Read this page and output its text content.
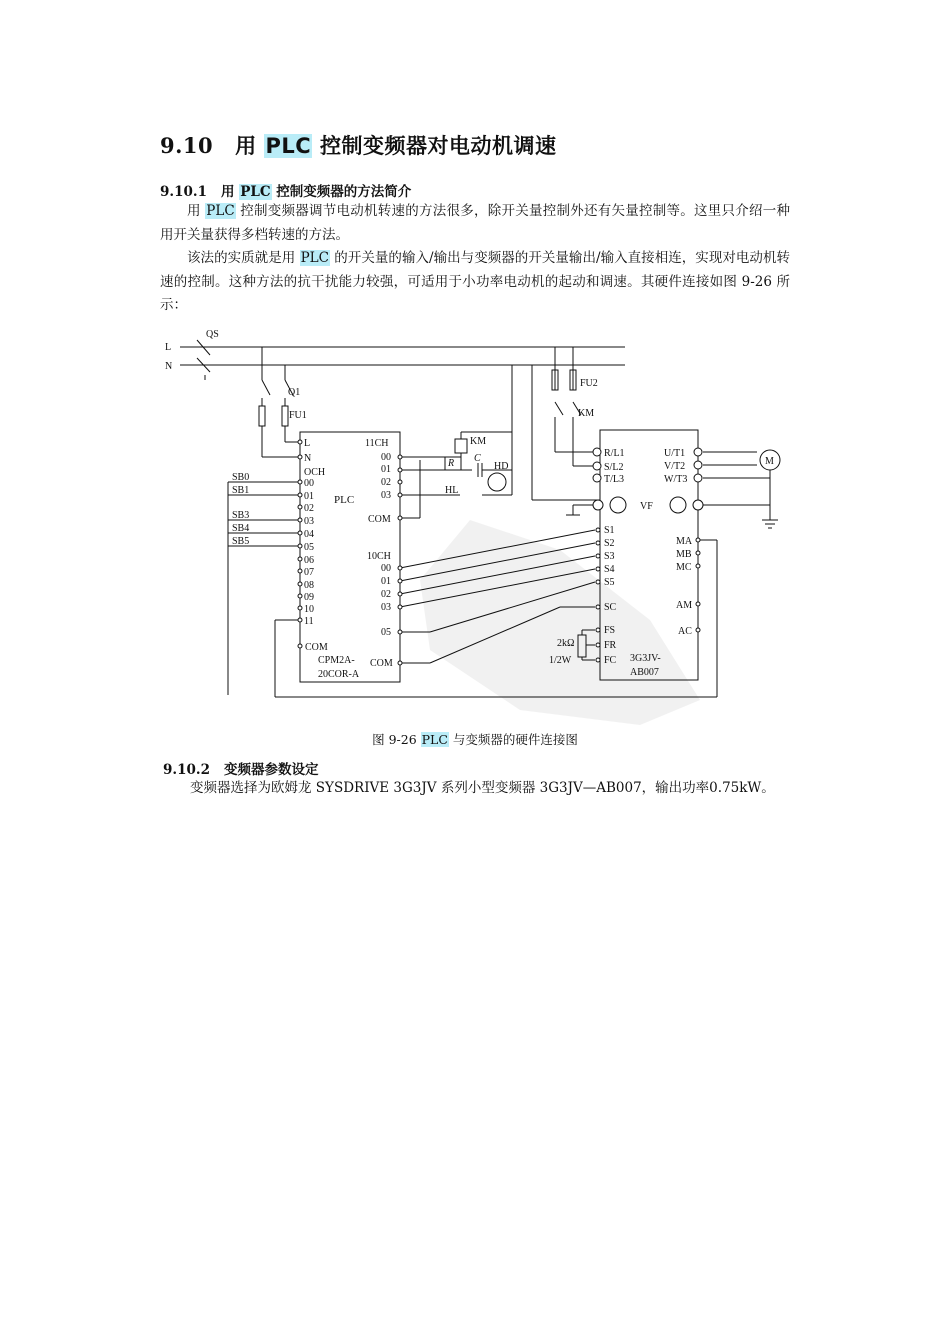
9.10 用 PLC 控制变频器对电动机调速
9.10.1 用 PLC 控制变频器的方法简介

用 PLC 控制变频器调节电动机转速的方法很多，除开关量控制外还有矢量控制等。这里只介绍一种用开关量获得多档转速的方法。

该法的实质就是用 PLC 的开关量的输入/输出与变频器的开关量输出/输入直接相连，实现对电动机转速的控制。这种方法的抗干扰能力较强，可适用于小功率电动机的起动和调速。其硬件连接如图 9-26 所示：

QS
L
N
Q1
FU1
FU2
KM
L
N
OCH
PLC
11CH
00
01
02
03
COM
10CH
00
01
02
03
05
COM
COM
CPM2A-
20COR-A
SB0
SB1
SB3
SB4
SB5
00
01
02
03
04
05
06
07
08
09
10
11
KM
R C
HD
HL
R/L1
S/L2
T/L3
U/T1
V/T2
W/T3
M
VF
S1
S2
S3
S4
S5
SC
FS
FR
FC
2kΩ
1/2W
MA
MB
MC
AM
AC
3G3JV-
AB007
图 9-26 PLC 与变频器的硬件连接图
9.10.2 变频器参数设定

变频器选择为欧姆龙 SYSDRIVE 3G3JV 系列小型变频器 3G3JV—AB007，输出功率0.75kW。
